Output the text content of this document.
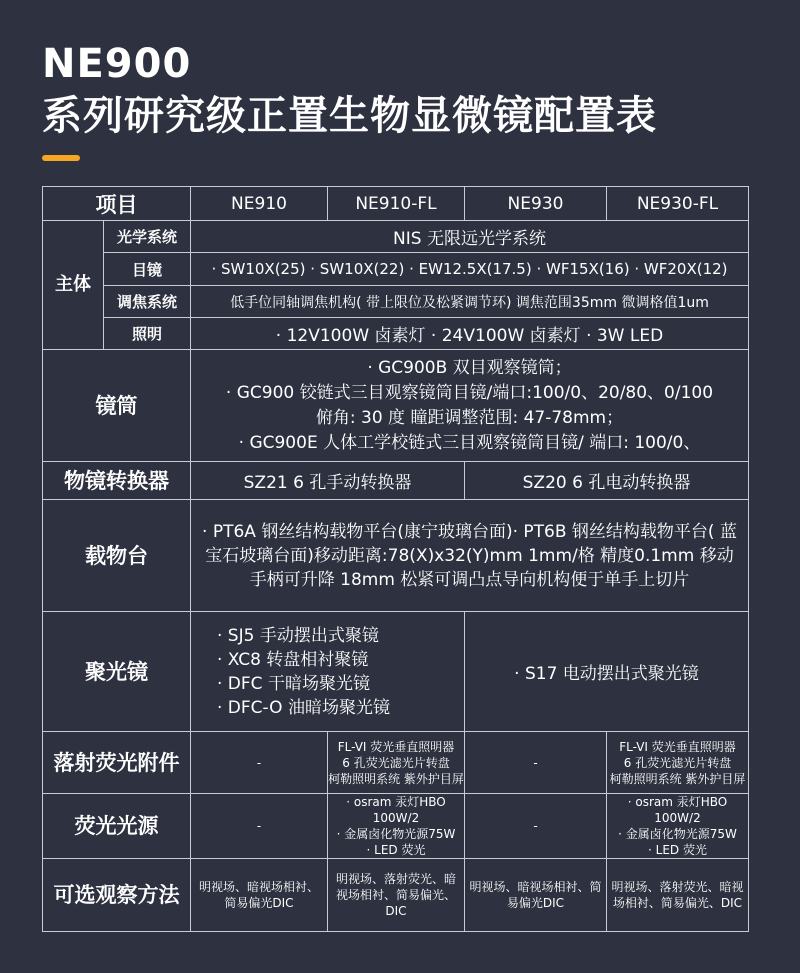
NE900
系列研究级正置生物显微镜配置表
项目		NE910	NE910-FL	NE930	NE930-FL
主体	光学系统	NIS 无限远光学系统			
	目镜	· SW10X(25) · SW10X(22) · EW12.5X(17.5) · WF15X(16) · WF20X(12)			
	调焦系统	低手位同轴调焦机构( 带上限位及松紧调节环) 调焦范围35mm 微调格值1um			
	照明	· 12V100W 卤素灯 · 24V100W 卤素灯 · 3W LED			
镜筒		· GC900B 双目观察镜筒；
· GC900 铰链式三目观察镜筒目镜/端口:100/0、20/80、0/100
俯角: 30 度 瞳距调整范围: 47-78mm；
· GC900E 人体工学校链式三目观察镜筒目镜/ 端口: 100/0、			

物镜转换器		SZ21 6 孔手动转换器		SZ20 6 孔电动转换器	
载物台		· PT6A 钢丝结构载物平台(康宁玻璃台面)· PT6B 钢丝结构载物平台( 蓝宝石坡璃台面)移动距离:78(X)x32(Y)mm 1mm/格 精度0.1mm 移动手柄可升降 18mm 松紧可调凸点导向机构便于单手上切片			

聚光镜		· SJ5 手动摆出式聚镜
· XC8 转盘相衬聚镜
· DFC 干暗场聚光镜
· DFC-O 油暗场聚光镜		· S17 电动摆出式聚光镜	
落射荧光附件		-	FL-VI 荧光垂直照明器
6 孔荧光滤光片转盘
柯勒照明系统 紫外护目屏	-	FL-VI 荧光垂直照明器
6 孔荧光滤光片转盘
柯勒照明系统 紫外护目屏

荧光光源		-	· osram 汞灯HBO 100W/2
· 金属卤化物光源75W
· LED 荧光	-	· osram 汞灯HBO 100W/2
· 金属卤化物光源75W
· LED 荧光

可选观察方法		明视场、暗视场相衬、简易偏光DIC	明视场、落射荧光、暗视场相衬、简易偏光、DIC	明视场、暗视场相衬、简易偏光DIC	明视场、落射荧光、暗视场相衬、简易偏光、DIC
